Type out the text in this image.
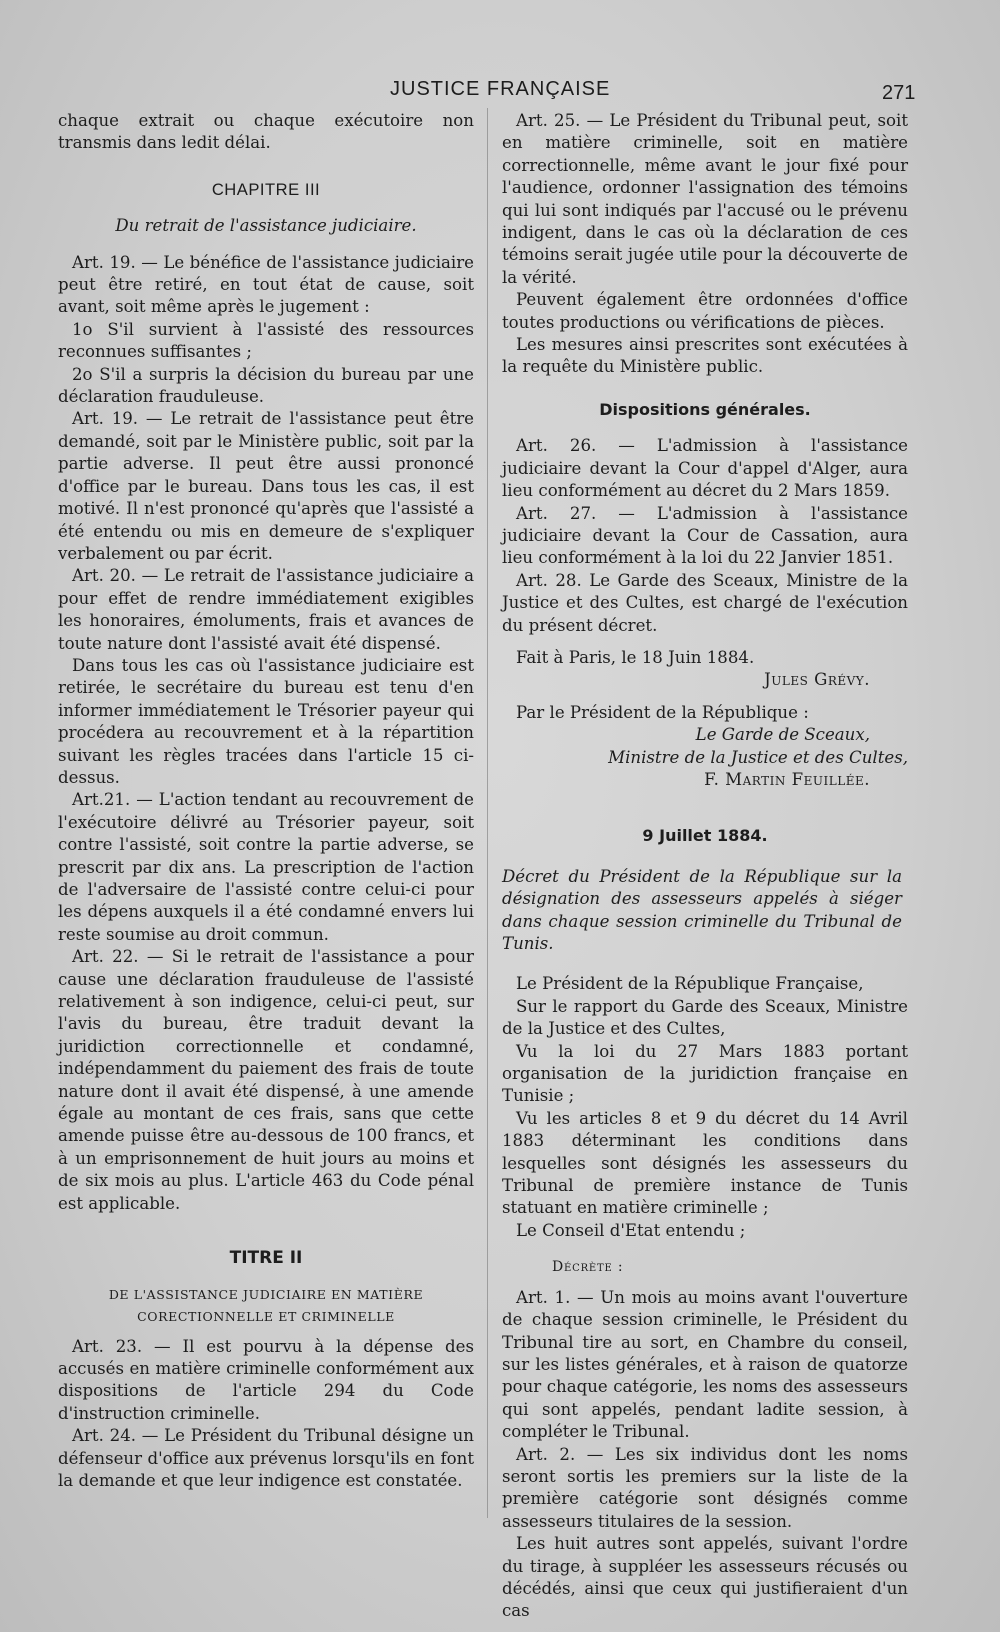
JUSTICE FRANÇAISE	271

chaque extrait ou chaque exécutoire non transmis dans ledit délai.

CHAPITRE III

Du retrait de l'assistance judiciaire.

Art. 19. — Le bénéfice de l'assistance judiciaire peut être retiré, en tout état de cause, soit avant, soit même après le jugement :

1o S'il survient à l'assisté des ressources reconnues suffisantes ;

2o S'il a surpris la décision du bureau par une déclaration frauduleuse.

Art. 19. — Le retrait de l'assistance peut être demandé, soit par le Ministère public, soit par la partie adverse. Il peut être aussi prononcé d'office par le bureau. Dans tous les cas, il est motivé. Il n'est prononcé qu'après que l'assisté a été entendu ou mis en demeure de s'expliquer verbalement ou par écrit.

Art. 20. — Le retrait de l'assistance judiciaire a pour effet de rendre immédiatement exigibles les honoraires, émoluments, frais et avances de toute nature dont l'assisté avait été dispensé.

Dans tous les cas où l'assistance judiciaire est retirée, le secrétaire du bureau est tenu d'en informer immédiatement le Trésorier payeur qui procédera au recouvrement et à la répartition suivant les règles tracées dans l'article 15 ci-dessus.

Art.21. — L'action tendant au recouvrement de l'exécutoire délivré au Trésorier payeur, soit contre l'assisté, soit contre la partie adverse, se prescrit par dix ans. La prescription de l'action de l'adversaire de l'assisté contre celui-ci pour les dépens auxquels il a été condamné envers lui reste soumise au droit commun.

Art. 22. — Si le retrait de l'assistance a pour cause une déclaration frauduleuse de l'assisté relativement à son indigence, celui-ci peut, sur l'avis du bureau, être traduit devant la juridiction correctionnelle et condamné, indépendamment du paiement des frais de toute nature dont il avait été dispensé, à une amende égale au montant de ces frais, sans que cette amende puisse être au-dessous de 100 francs, et à un emprisonnement de huit jours au moins et de six mois au plus. L'article 463 du Code pénal est applicable.

TITRE II

DE L'ASSISTANCE JUDICIAIRE EN MATIÈRE CORECTIONNELLE ET CRIMINELLE

Art. 23. — Il est pourvu à la dépense des accusés en matière criminelle conformément aux dispositions de l'article 294 du Code d'instruction criminelle.

Art. 24. — Le Président du Tribunal désigne un défenseur d'office aux prévenus lorsqu'ils en font la demande et que leur indigence est constatée.

Art. 25. — Le Président du Tribunal peut, soit en matière criminelle, soit en matière correctionnelle, même avant le jour fixé pour l'audience, ordonner l'assignation des témoins qui lui sont indiqués par l'accusé ou le prévenu indigent, dans le cas où la déclaration de ces témoins serait jugée utile pour la découverte de la vérité.

Peuvent également être ordonnées d'office toutes productions ou vérifications de pièces.

Les mesures ainsi prescrites sont exécutées à la requête du Ministère public.

Dispositions générales.

Art. 26. — L'admission à l'assistance judiciaire devant la Cour d'appel d'Alger, aura lieu conformément au décret du 2 Mars 1859.

Art. 27. — L'admission à l'assistance judiciaire devant la Cour de Cassation, aura lieu conformément à la loi du 22 Janvier 1851.

Art. 28. Le Garde des Sceaux, Ministre de la Justice et des Cultes, est chargé de l'exécution du présent décret.

Fait à Paris, le 18 Juin 1884.

Jules Grévy.

Par le Président de la République :

Le Garde de Sceaux,

Ministre de la Justice et des Cultes,

F. Martin Feuillée.

9 Juillet 1884.

Décret du Président de la République sur la désignation des assesseurs appelés à siéger dans chaque session criminelle du Tribunal de Tunis.

Le Président de la République Française,

Sur le rapport du Garde des Sceaux, Ministre de la Justice et des Cultes,

Vu la loi du 27 Mars 1883 portant organisation de la juridiction française en Tunisie ;

Vu les articles 8 et 9 du décret du 14 Avril 1883 déterminant les conditions dans lesquelles sont désignés les assesseurs du Tribunal de première instance de Tunis statuant en matière criminelle ;

Le Conseil d'Etat entendu ;

Décrète :

Art. 1. — Un mois au moins avant l'ouverture de chaque session criminelle, le Président du Tribunal tire au sort, en Chambre du conseil, sur les listes générales, et à raison de quatorze pour chaque catégorie, les noms des assesseurs qui sont appelés, pendant ladite session, à compléter le Tribunal.

Art. 2. — Les six individus dont les noms seront sortis les premiers sur la liste de la première catégorie sont désignés comme assesseurs titulaires de la session.

Les huit autres sont appelés, suivant l'ordre du tirage, à suppléer les assesseurs récusés ou décédés, ainsi que ceux qui justifieraient d'un cas
